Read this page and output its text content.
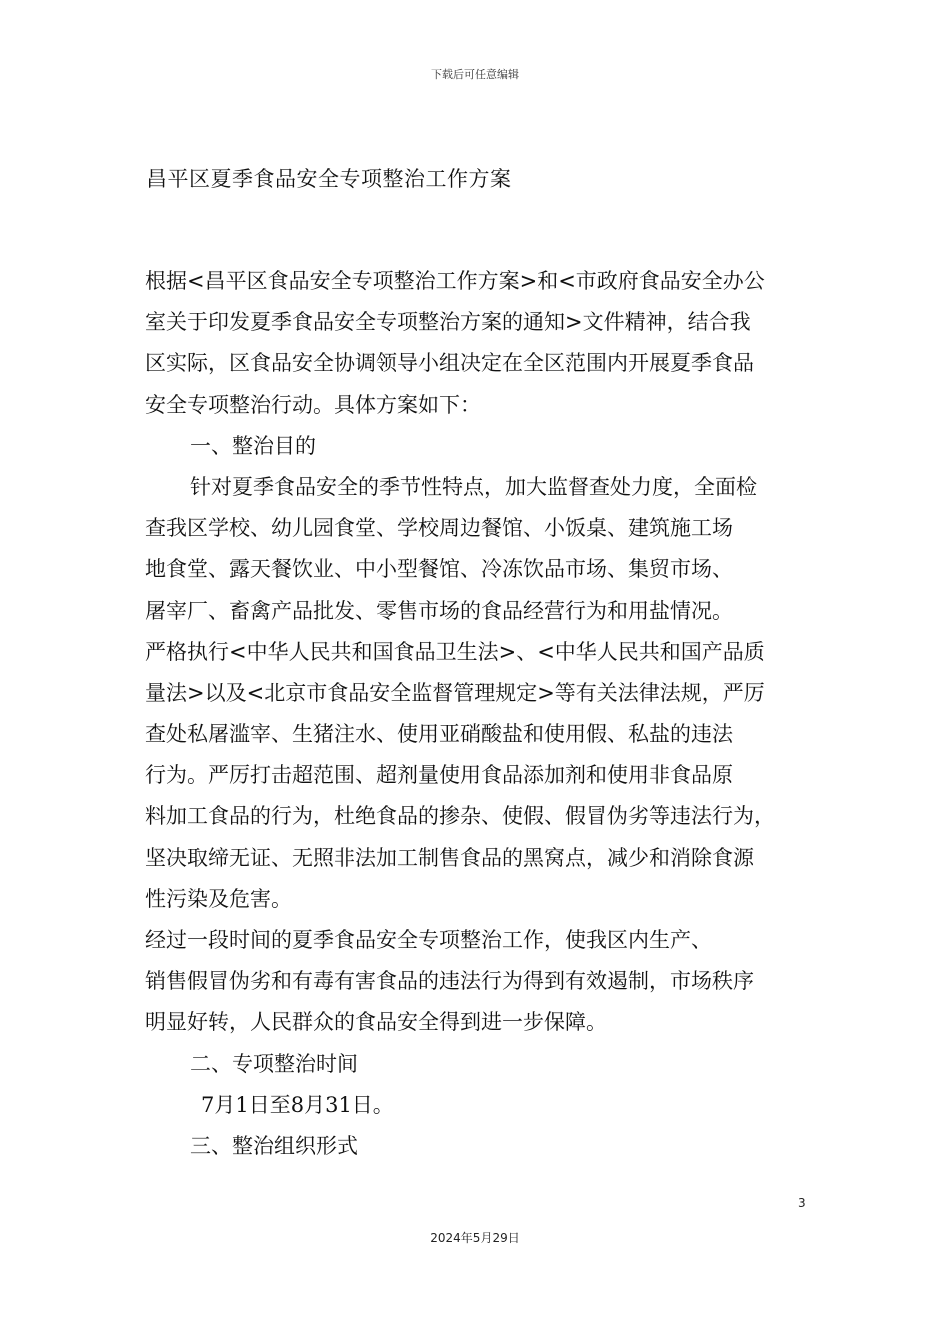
下载后可任意编辑
昌平区夏季食品安全专项整治工作方案
根据<昌平区食品安全专项整治工作方案>和<市政府食品安全办公
室关于印发夏季食品安全专项整治方案的通知>文件精神，结合我
区实际，区食品安全协调领导小组决定在全区范围内开展夏季食品
安全专项整治行动。具体方案如下：
一、整治目的
针对夏季食品安全的季节性特点，加大监督查处力度，全面检
查我区学校、幼儿园食堂、学校周边餐馆、小饭桌、建筑施工场
地食堂、露天餐饮业、中小型餐馆、冷冻饮品市场、集贸市场、
屠宰厂、畜禽产品批发、零售市场的食品经营行为和用盐情况。
严格执行<中华人民共和国食品卫生法>、<中华人民共和国产品质
量法>以及<北京市食品安全监督管理规定>等有关法律法规，严厉
查处私屠滥宰、生猪注水、使用亚硝酸盐和使用假、私盐的违法
行为。严厉打击超范围、超剂量使用食品添加剂和使用非食品原
料加工食品的行为，杜绝食品的掺杂、使假、假冒伪劣等违法行为，
坚决取缔无证、无照非法加工制售食品的黑窝点，减少和消除食源
性污染及危害。
经过一段时间的夏季食品安全专项整治工作，使我区内生产、
销售假冒伪劣和有毒有害食品的违法行为得到有效遏制，市场秩序
明显好转，人民群众的食品安全得到进一步保障。
二、专项整治时间
7月1日至8月31日。
三、整治组织形式
3
2024年5月29日
